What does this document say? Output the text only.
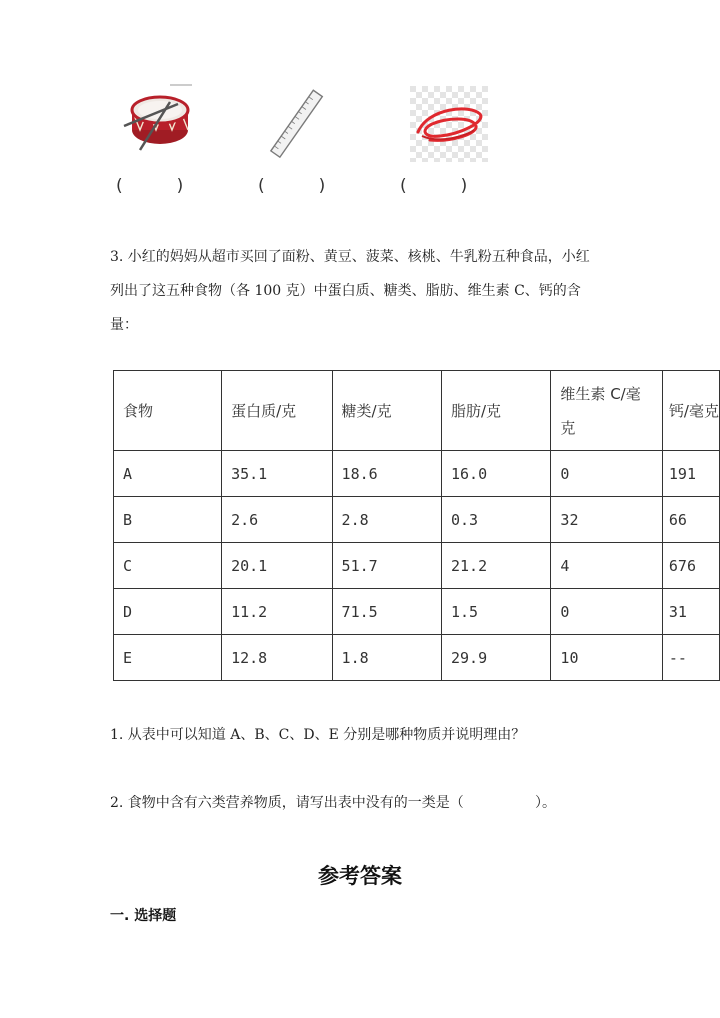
(          )	(          )	(          )
3. 小红的妈妈从超市买回了面粉、黄豆、菠菜、核桃、牛乳粉五种食品，小红
列出了这五种食物（各 100 克）中蛋白质、糖类、脂肪、维生素 C、钙的含
量：
食物	蛋白质/克	糖类/克	脂肪/克	维生素 C/毫
克	钙/毫克
A	35.1	18.6	16.0	0	191
B	2.6	2.8	0.3	32	66
C	20.1	51.7	21.2	4	676
D	11.2	71.5	1.5	0	31
E	12.8	1.8	29.9	10	--
1. 从表中可以知道 A、B、C、D、E 分别是哪种物质并说明理由？
2. 食物中含有六类营养物质，请写出表中没有的一类是（                ）。
参考答案
一. 选择题
